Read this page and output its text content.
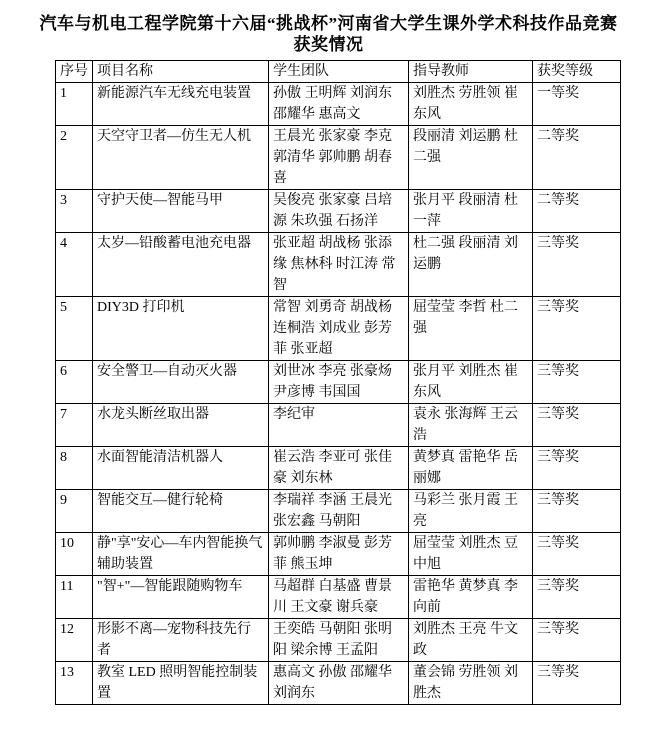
汽车与机电工程学院第十六届“挑战杯”河南省大学生课外学术科技作品竞赛
获奖情况
序号	项目名称	学生团队	指导教师	获奖等级
1	新能源汽车无线充电装置	孙傲 王明辉 刘润东 邵耀华 惠高文	刘胜杰 劳胜领 崔东风	一等奖
2	天空守卫者—仿生无人机	王晨光 张家豪 李克 郭清华 郭帅鹏 胡春喜	段丽清 刘运鹏 杜二强	二等奖
3	守护天使—智能马甲	吴俊亮 张家豪 吕培源 朱玖强 石扬洋	张月平 段丽清 杜一萍	二等奖
4	太岁—铅酸蓄电池充电器	张亚超 胡战杨 张添缘 焦林科 时江涛 常智	杜二强 段丽清 刘运鹏	三等奖
5	DIY3D 打印机	常智 刘勇奇 胡战杨 连桐浩 刘成业 彭芳菲 张亚超	屈莹莹 李哲 杜二强	三等奖
6	安全警卫—自动灭火器	刘世冰 李亮 张豪炀 尹彦博 韦国国	张月平 刘胜杰 崔东风	三等奖
7	水龙头断丝取出器	李纪审	袁永 张海辉 王云浩	三等奖
8	水面智能清洁机器人	崔云浩 李亚可 张佳豪 刘东林	黄梦真 雷艳华 岳丽娜	三等奖
9	智能交互—健行轮椅	李瑞祥 李涵 王晨光 张宏鑫 马朝阳	马彩兰 张月霞 王亮	三等奖
10	静"享"安心—车内智能换气辅助装置	郭帅鹏 李淑曼 彭芳菲 熊玉坤	屈莹莹 刘胜杰 豆中旭	三等奖
11	"智+"—智能跟随购物车	马超群 白基盛 曹景川 王文豪 谢兵豪	雷艳华 黄梦真 李向前	三等奖
12	形影不离—宠物科技先行者	王奕皓 马朝阳 张明阳 梁余博 王孟阳	刘胜杰 王亮 牛文政	三等奖
13	教室 LED 照明智能控制装置	惠高文 孙傲 邵耀华 刘润东	董会锦 劳胜领 刘胜杰	三等奖
